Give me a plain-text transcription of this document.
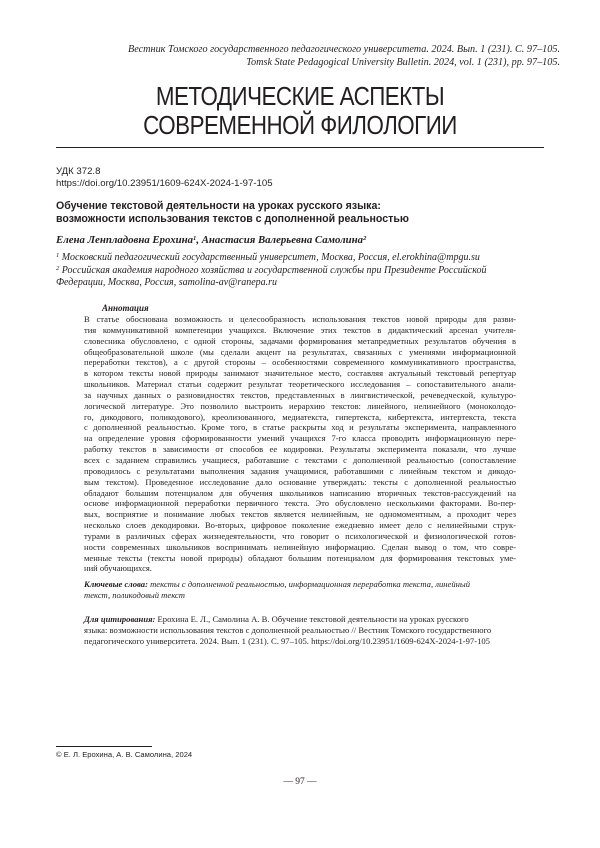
Вестник Томского государственного педагогического университета. 2024. Вып. 1 (231). С. 97–105.
Tomsk State Pedagogical University Bulletin. 2024, vol. 1 (231), pp. 97–105.
МЕТОДИЧЕСКИЕ АСПЕКТЫ
СОВРЕМЕННОЙ ФИЛОЛОГИИ
УДК 372.8
https://doi.org/10.23951/1609-624X-2024-1-97-105
Обучение текстовой деятельности на уроках русского языка:
возможности использования текстов с дополненной реальностью
Елена Ленпладовна Ерохина$^1$, Анастасия Валерьевна Самолина$^2$
$^1$ Московский педагогический государственный университет, Москва, Россия, el.erokhina@mpgu.su
$^2$ Российская академия народного хозяйства и государственной службы при Президенте Российской
Федерации, Москва, Россия, samolina-av@ranepa.ru
Аннотация
В статье обоснована возможность и целесообразность использования текстов новой природы для разви-
тия коммуникативной компетенции учащихся. Включение этих текстов в дидактический арсенал учителя-
словесника обусловлено, с одной стороны, задачами формирования метапредметных результатов обучения в
общеобразовательной школе (мы сделали акцент на результатах, связанных с умениями информационной
переработки текстов), а с другой стороны – особенностями современного коммуникативного пространства,
в котором тексты новой природы занимают значительное место, составляя актуальный текстовый репертуар
школьников. Материал статьи содержит результат теоретического исследования – сопоставительного анали-
за научных данных о разновидностях текстов, представленных в лингвистической, речеведческой, культуро-
логической литературе. Это позволило выстроить иерархию текстов: линейного, нелинейного (моноколодо-
го, дикодового, поликодового), креолизованного, медиатекста, гипертекста, кибертекста, интертекста, текста
с дополненной реальностью. Кроме того, в статье раскрыты ход и результаты эксперимента, направленного
на определение уровня сформированности умений учащихся 7-го класса проводить информационную пере-
работку текстов в зависимости от способов ее кодировки. Результаты эксперимента показали, что лучше
всех с заданием справились учащиеся, работавшие с текстами с дополненной реальностью (сопоставление
проводилось с результатами выполнения задания учащимися, работавшими с линейным текстом и дикодо-
вым текстом). Проведенное исследование дало основание утверждать: тексты с дополненной реальностью
обладают большим потенциалом для обучения школьников написанию вторичных текстов-рассуждений на
основе информационной переработки первичного текста. Это обусловлено несколькими факторами. Во-пер-
вых, восприятие и понимание любых текстов является нелинейным, не одномоментным, а проходит через
несколько слоев декодировки. Во-вторых, цифровое поколение ежедневно имеет дело с нелинейными струк-
турами в различных сферах жизнедеятельности, что говорит о психологической и физиологической готов-
ности современных школьников воспринимать нелинейную информацию. Сделан вывод о том, что совре-
менные тексты (тексты новой природы) обладают большим потенциалом для формирования текстовых уме-
ний обучающихся.
Ключевые слова: тексты с дополненной реальностью, информационная переработка текста, линейный
текст, поликодовый текст
Для цитирования: Ерохина Е. Л., Самолина А. В. Обучение текстовой деятельности на уроках русского
языка: возможности использования текстов с дополненной реальностью // Вестник Томского государственного
педагогического университета. 2024. Вып. 1 (231). С. 97–105. https://doi.org/10.23951/1609-624X-2024-1-97-105
© Е. Л. Ерохина, А. В. Самолина, 2024
— 97 —
